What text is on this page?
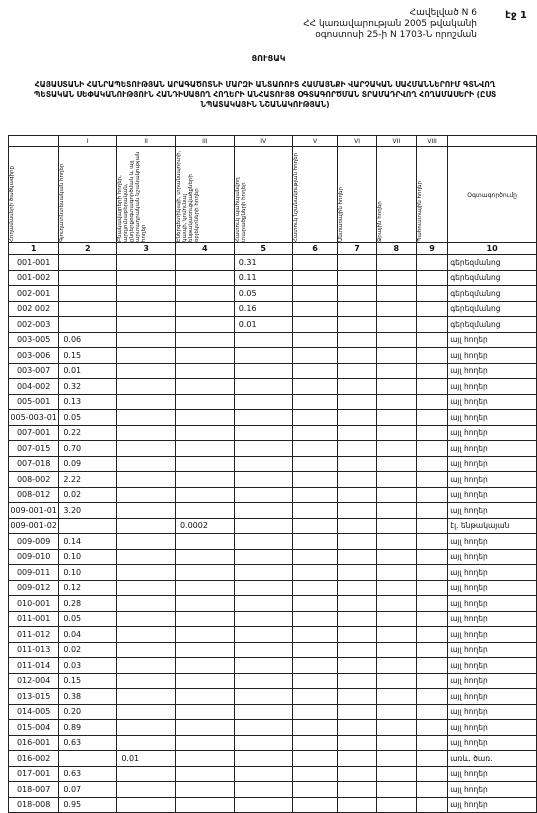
Հավելված N 6
ՀՀ կառավարության 2005 թվականի
օգոստոսի 25-ի N 1703-Ն որոշման
էջ 1
ՑՈՒՑԱԿ
ՀԱՅԱՍՏԱՆԻ ՀԱՆՐԱՊԵՏՈՒԹՅԱՆ ԱՐԱԳԱԾՈՏՆԻ ՄԱՐԶԻ ԱՆՏԱՌՈՒՏ ՀԱՄԱՅՆՔԻ ՎԱՐՉԱԿԱՆ ՍԱՀՄԱՆՆԵՐՈՒՄ ԳՏՆՎՈՂ ՊԵՏԱԿԱՆ ՍԵՓԱԿԱՆՈՒԹՅՈՒՆ ՀԱՆԴԻՍԱՑՈՂ ՀՈՂԵՐԻ ԱՆՀԱՏՈՒՅՑ ՕԳՏԱԳՈՐԾՄԱՆ ՏՐԱՄԱԴՐՎՈՂ ՀՈՂԱՄԱՍԵՐԻ (ԸՍՏ ՆՊԱՏԱԿԱՅԻՆ ՆՇԱՆԱԿՈՒԹՅԱՆ)
	I	II	III	IV	V	VI	VII	VIII	

Հողամասերի ծածկագիրը	Գյուղատնտեսական հողեր	Բնակավայրերի հողեր, արդյունաբերական, ընդերքօգտագործման և այլ արտադրական նշանակության հողեր	Էներգետիկայի, տրանսպորտի, կապի, կոմունալ ենթակառուցվածքների օբյեկտների հողեր	Հատուկ պահպանվող տարածքների հողեր	Հատուկ նշանակության հողեր	Անտառային հողեր	Ջրային հողեր	Պահուստային հողեր	Օգտագործումը
1	2	3	4	5	6	7	8	9	10
001-001				0.31					գերեզմանոց
001-002				0.11					գերեզմանոց
002-001				0.05					գերեզմանոց
002 002				0.16					գերեզմանոց
002-003				0.01					գերեզմանոց
003-005	0.06								այլ հողեր
003-006	0.15								այլ հողեր
003-007	0.01								այլ հողեր
004-002	0.32								այլ հողեր
005-001	0.13								այլ հողեր
005-003-01	0.05								այլ հողեր
007-001	0.22								այլ հողեր
007-015	0.70								այլ հողեր
007-018	0.09								այլ հողեր
008-002	2.22								այլ հողեր
008-012	0.02								այլ հողեր
009-001-01	3.20								այլ հողեր
009-001-02			0.0002						էլ. ենթակայան
009-009	0.14								այլ հողեր
009-010	0.10								այլ հողեր
009-011	0.10								այլ հողեր
009-012	0.12								այլ հողեր
010-001	0.28								այլ հողեր
011-001	0.05								այլ հողեր
011-012	0.04								այլ հողեր
011-013	0.02								այլ հողեր
011-014	0.03								այլ հողեր
012-004	0.15								այլ հողեր
013-015	0.38								այլ հողեր
014-005	0.20								այլ հողեր
015-004	0.89								այլ հողեր
016-001	0.63								այլ հողեր
016-002		0.01							առև. ծառ.
017-001	0.63								այլ հողեր
018-007	0.07								այլ հողեր
018-008	0.95								այլ հողեր
